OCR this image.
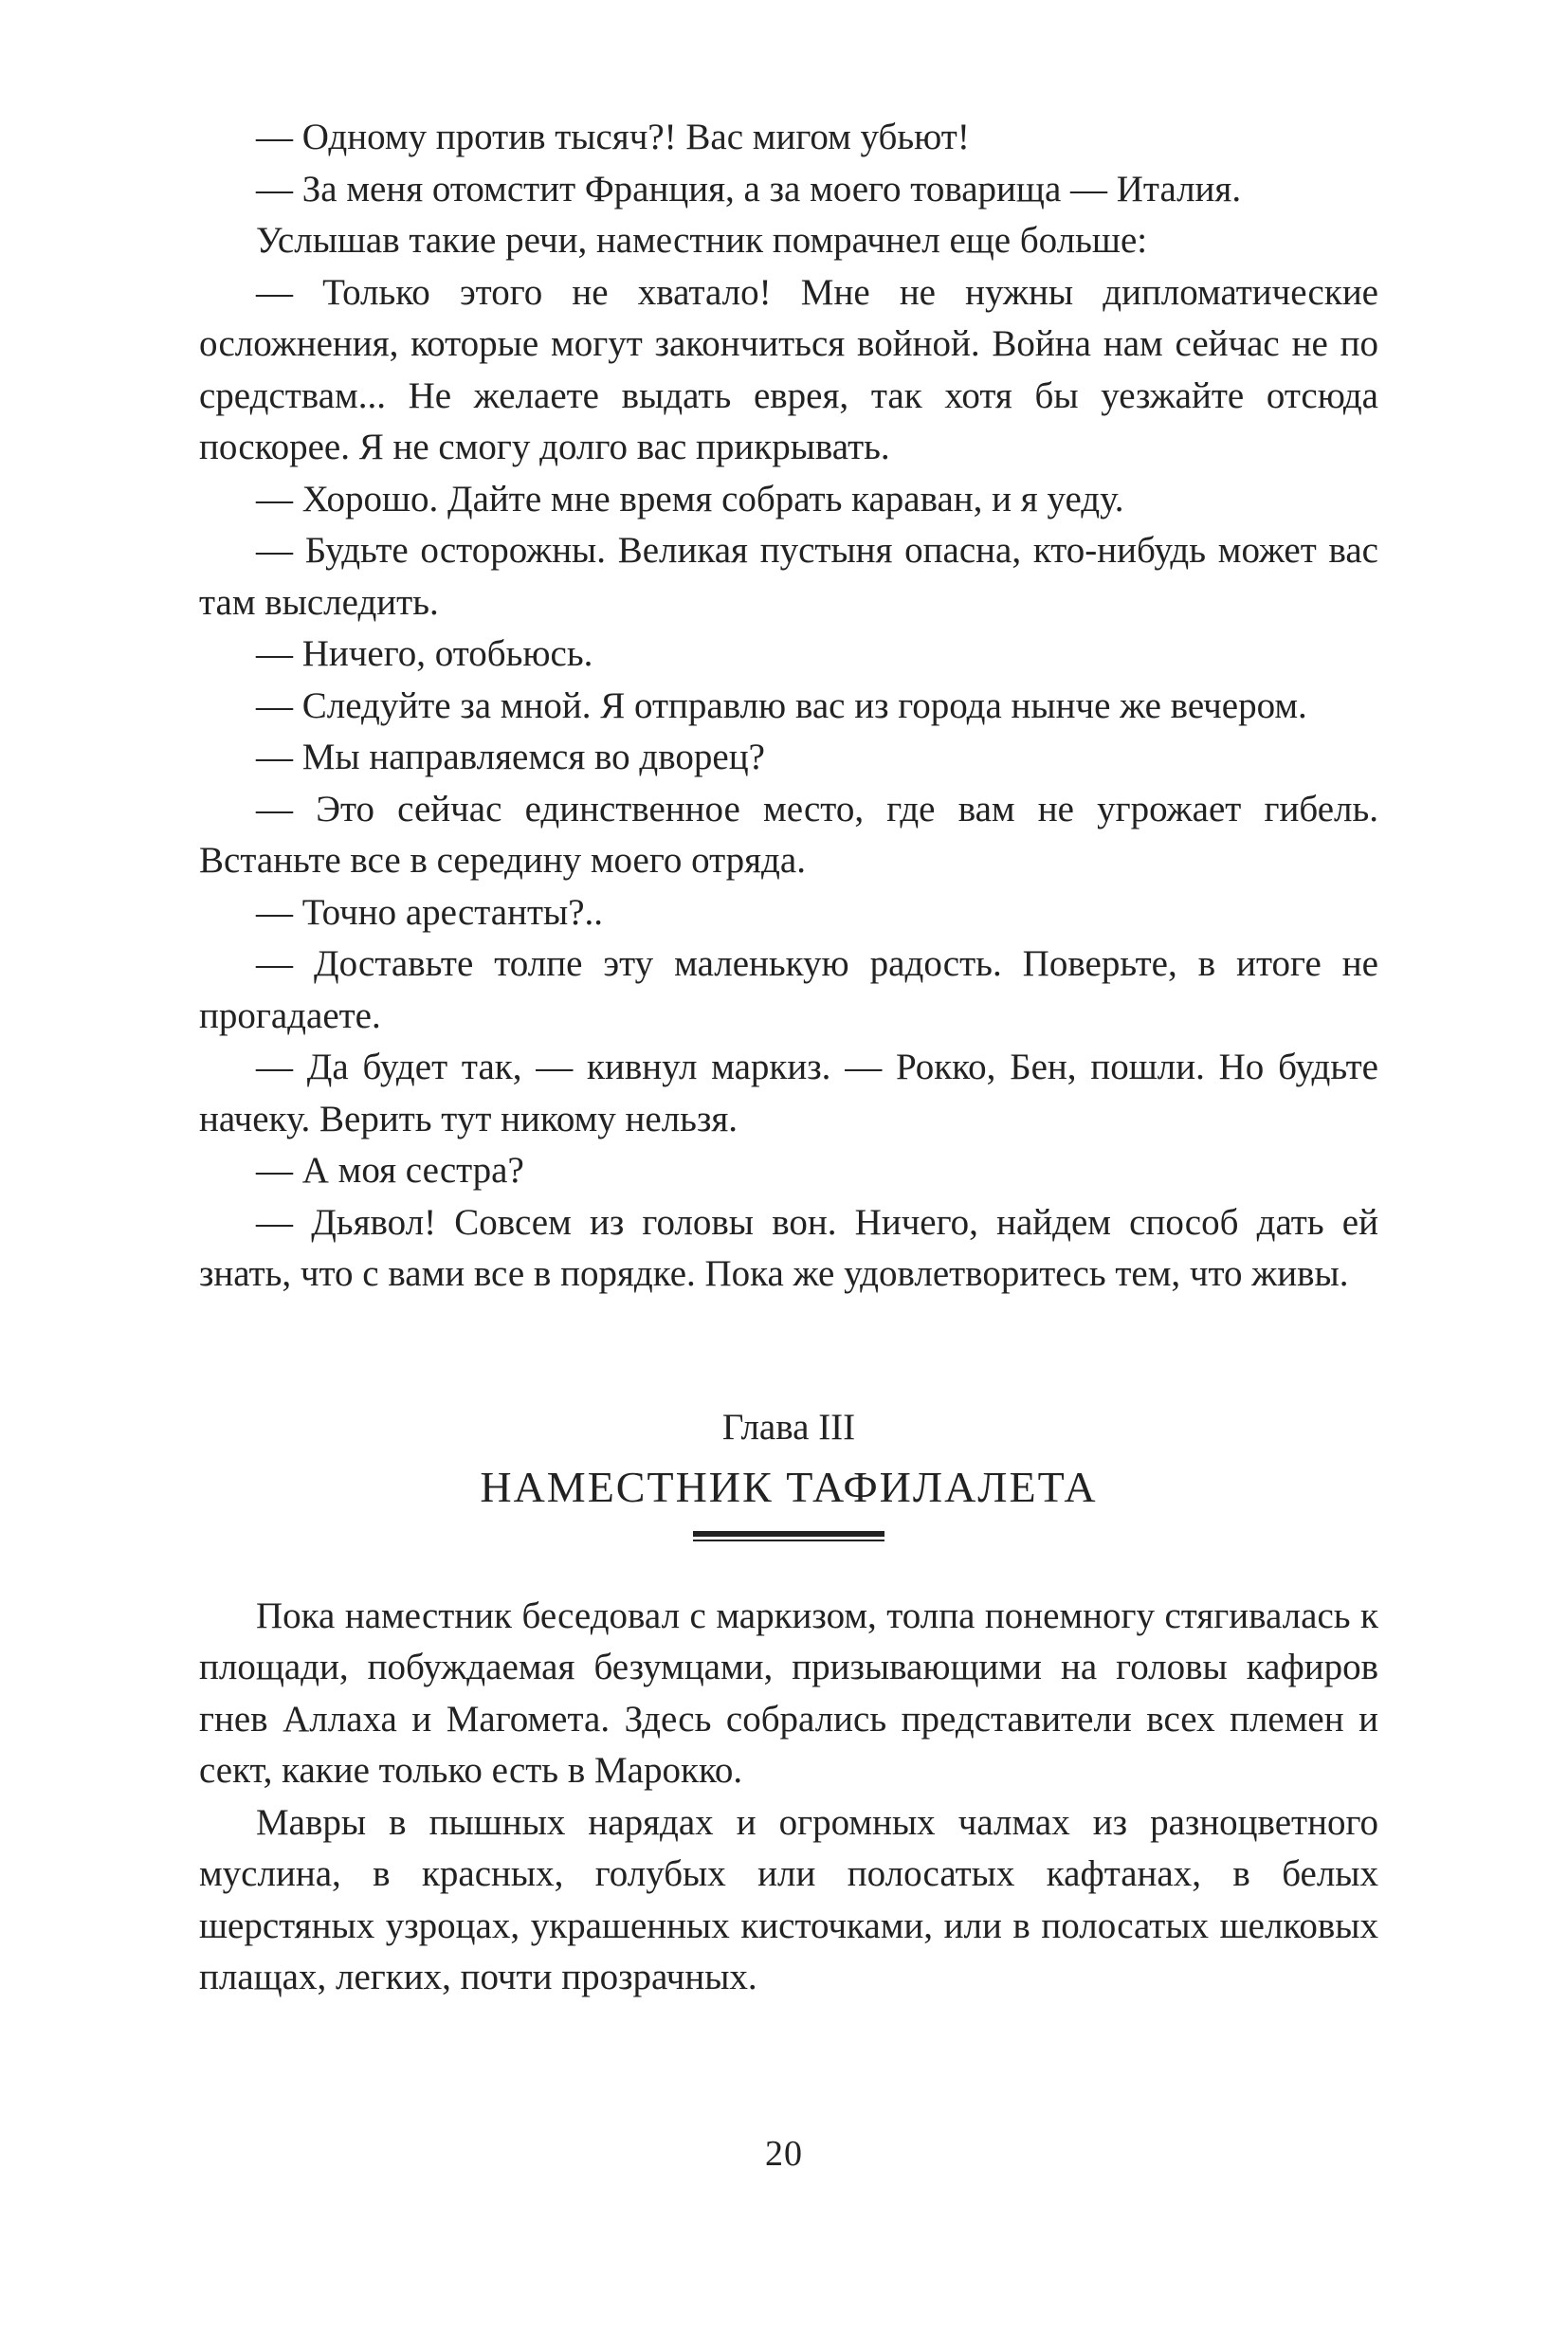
— Одному против тысяч?! Вас мигом убьют!

— За меня отомстит Франция, а за моего товарища — Италия.

Услышав такие речи, наместник помрачнел еще больше:

— Только этого не хватало! Мне не нужны дипломатические осложнения, которые могут закончиться войной. Война нам сейчас не по средствам... Не желаете выдать еврея, так хотя бы уезжайте отсюда поскорее. Я не смогу долго вас прикрывать.

— Хорошо. Дайте мне время собрать караван, и я уеду.

— Будьте осторожны. Великая пустыня опасна, кто-нибудь может вас там выследить.

— Ничего, отобьюсь.

— Следуйте за мной. Я отправлю вас из города нынче же вечером.

— Мы направляемся во дворец?

— Это сейчас единственное место, где вам не угрожает гибель. Встаньте все в середину моего отряда.

— Точно арестанты?..

— Доставьте толпе эту маленькую радость. Поверьте, в итоге не прогадаете.

— Да будет так, — кивнул маркиз. — Рокко, Бен, пошли. Но будьте начеку. Верить тут никому нельзя.

— А моя сестра?

— Дьявол! Совсем из головы вон. Ничего, найдем способ дать ей знать, что с вами все в порядке. Пока же удовлетворитесь тем, что живы.

Глава III

НАМЕСТНИК ТАФИЛАЛЕТА

Пока наместник беседовал с маркизом, толпа понемногу стягивалась к площади, побуждаемая безумцами, призывающими на головы кафиров гнев Аллаха и Магомета. Здесь собрались представители всех племен и сект, какие только есть в Марокко.

Мавры в пышных нарядах и огромных чалмах из разноцветного муслина, в красных, голубых или полосатых кафтанах, в белых шерстяных узроцах, украшенных кисточками, или в полосатых шелковых плащах, легких, почти прозрачных.

20
